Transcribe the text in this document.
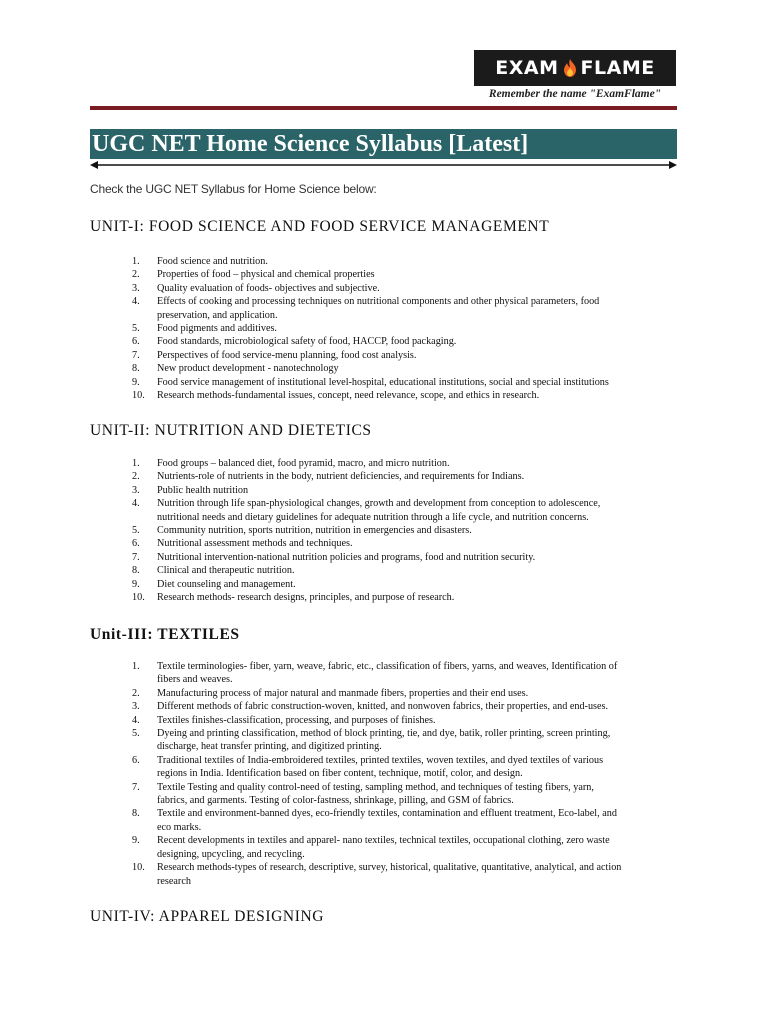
EXAM FLAME
Remember the name "ExamFlame"
UGC NET Home Science Syllabus [Latest]
Check the UGC NET Syllabus for Home Science below:
UNIT-I: FOOD SCIENCE AND FOOD SERVICE MANAGEMENT
1.	Food science and nutrition.
2.	Properties of food – physical and chemical properties
3.	Quality evaluation of foods- objectives and subjective.
4.	Effects of cooking and processing techniques on nutritional components and other physical parameters, food
preservation, and application.
5.	Food pigments and additives.
6.	Food standards, microbiological safety of food, HACCP, food packaging.
7.	Perspectives of food service-menu planning, food cost analysis.
8.	New product development - nanotechnology
9.	Food service management of institutional level-hospital, educational institutions, social and special institutions
10.	Research methods-fundamental issues, concept, need relevance, scope, and ethics in research.
UNIT-II: NUTRITION AND DIETETICS
1.	Food groups – balanced diet, food pyramid, macro, and micro nutrition.
2.	Nutrients-role of nutrients in the body, nutrient deficiencies, and requirements for Indians.
3.	Public health nutrition
4.	Nutrition through life span-physiological changes, growth and development from conception to adolescence,
nutritional needs and dietary guidelines for adequate nutrition through a life cycle, and nutrition concerns.
5.	Community nutrition, sports nutrition, nutrition in emergencies and disasters.
6.	Nutritional assessment methods and techniques.
7.	Nutritional intervention-national nutrition policies and programs, food and nutrition security.
8.	Clinical and therapeutic nutrition.
9.	Diet counseling and management.
10.	Research methods- research designs, principles, and purpose of research.
Unit-III: TEXTILES
1.	Textile terminologies- fiber, yarn, weave, fabric, etc., classification of fibers, yarns, and weaves, Identification of
fibers and weaves.
2.	Manufacturing process of major natural and manmade fibers, properties and their end uses.
3.	Different methods of fabric construction-woven, knitted, and nonwoven fabrics, their properties, and end-uses.
4.	Textiles finishes-classification, processing, and purposes of finishes.
5.	Dyeing and printing classification, method of block printing, tie, and dye, batik, roller printing, screen printing,
discharge, heat transfer printing, and digitized printing.
6.	Traditional textiles of India-embroidered textiles, printed textiles, woven textiles, and dyed textiles of various
regions in India. Identification based on fiber content, technique, motif, color, and design.
7.	Textile Testing and quality control-need of testing, sampling method, and techniques of testing fibers, yarn,
fabrics, and garments. Testing of color-fastness, shrinkage, pilling, and GSM of fabrics.
8.	Textile and environment-banned dyes, eco-friendly textiles, contamination and effluent treatment, Eco-label, and
eco marks.
9.	Recent developments in textiles and apparel- nano textiles, technical textiles, occupational clothing, zero waste
designing, upcycling, and recycling.
10.	Research methods-types of research, descriptive, survey, historical, qualitative, quantitative, analytical, and action
research
UNIT-IV: APPAREL DESIGNING
